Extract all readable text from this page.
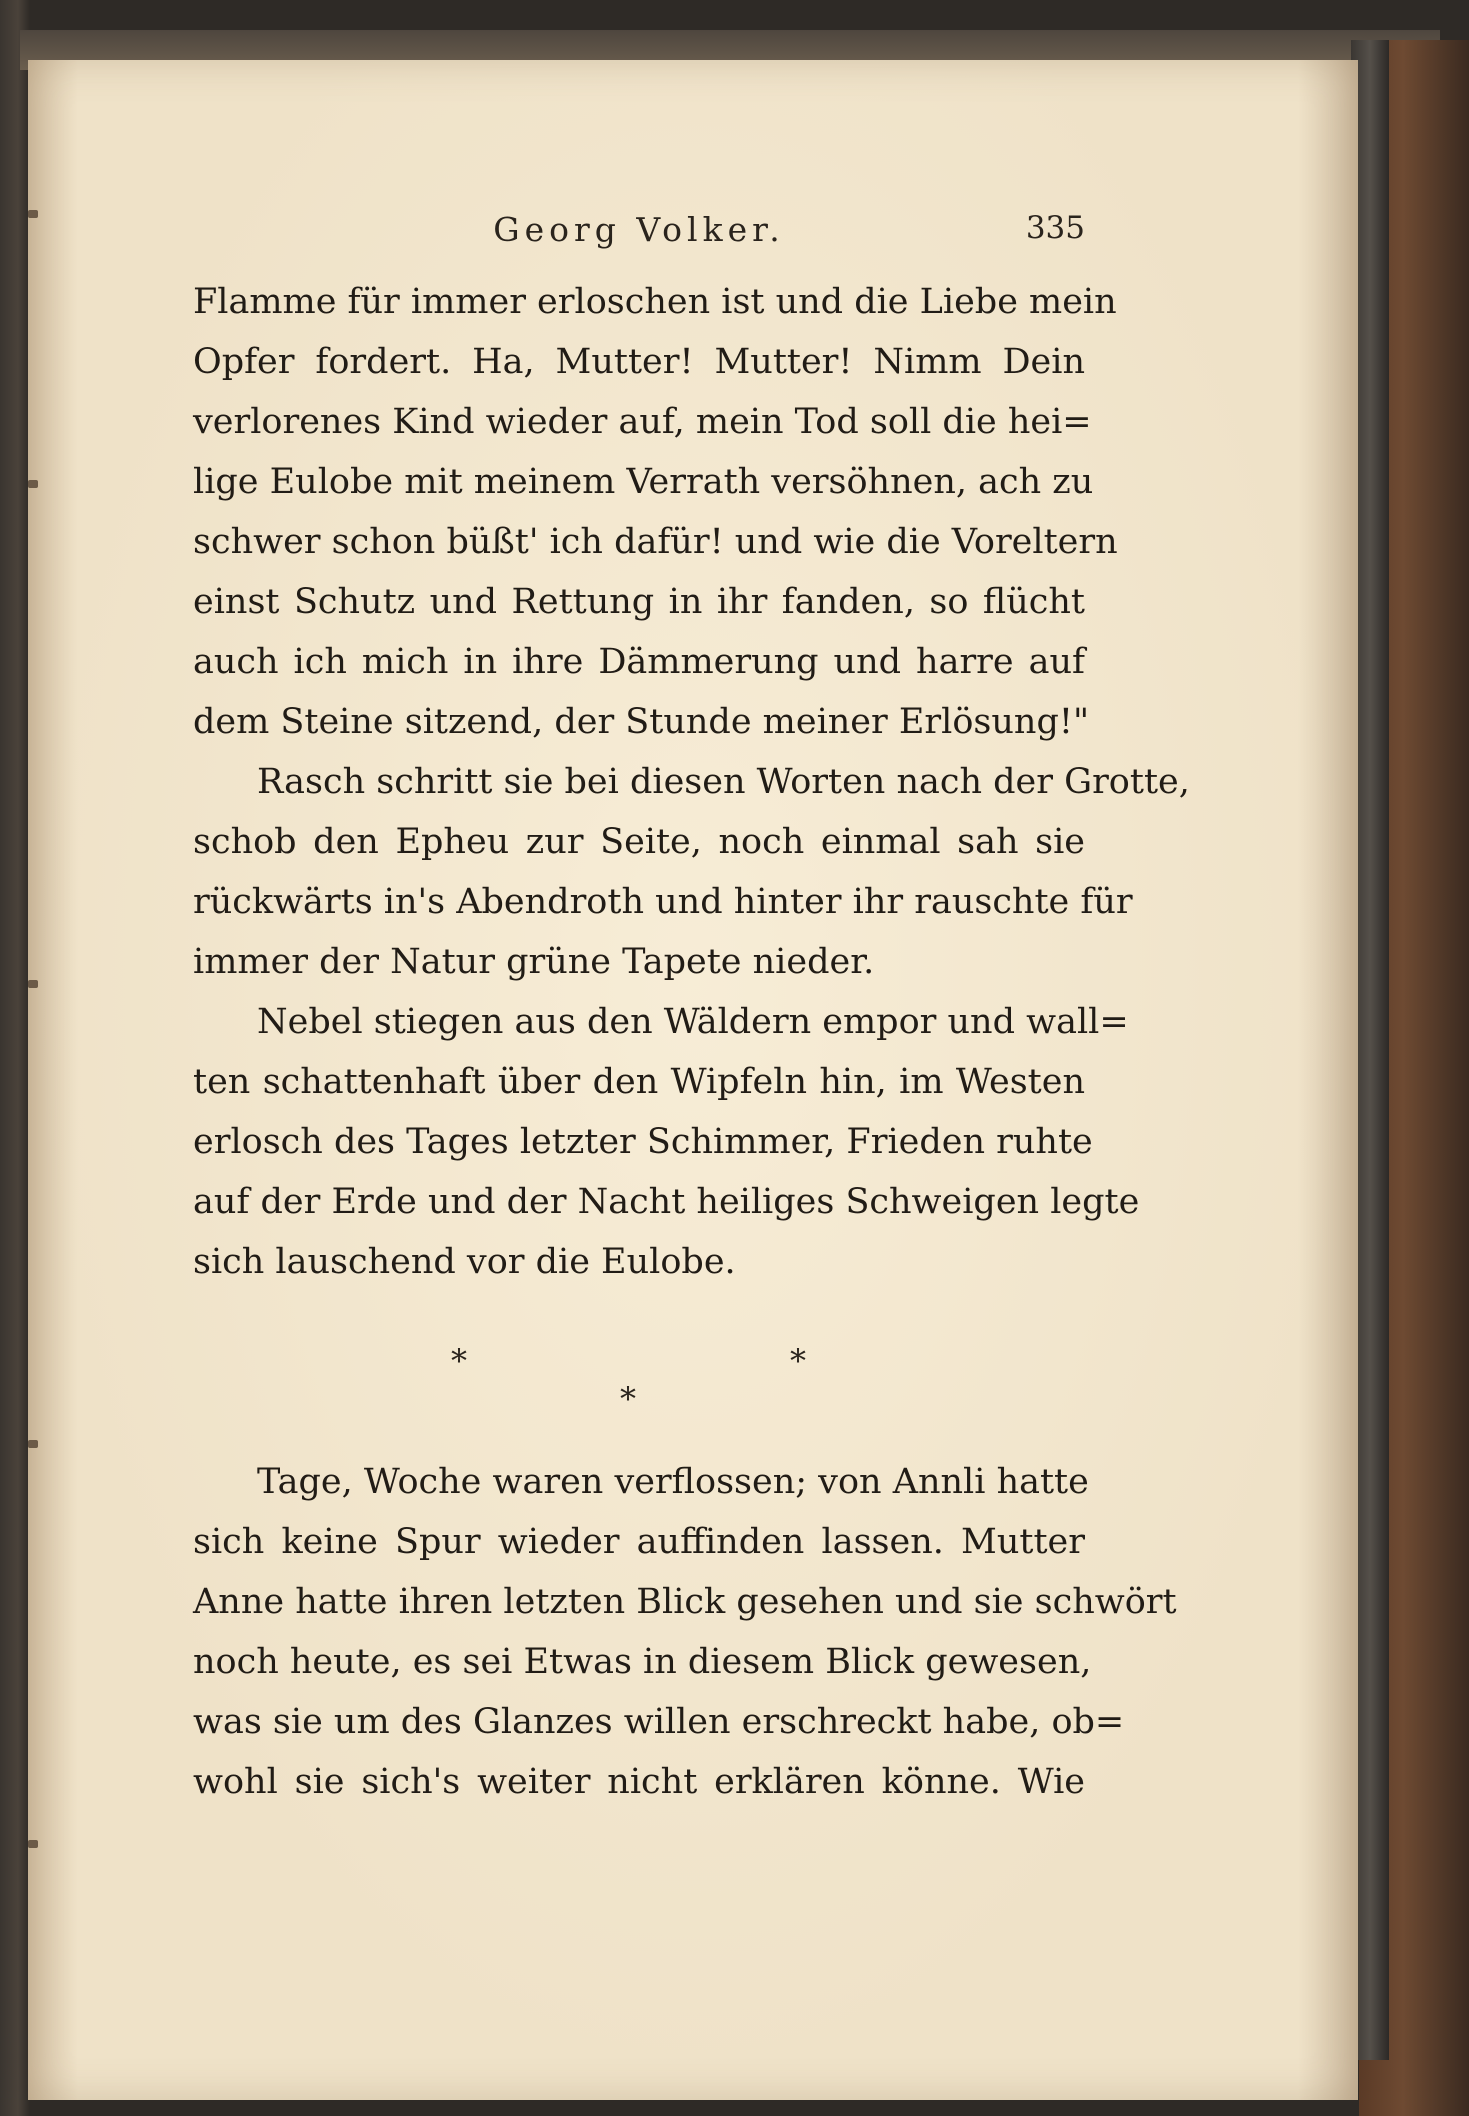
Georg Volker.	335
Flamme für immer erloschen ist und die Liebe mein
Opfer fordert. Ha, Mutter! Mutter! Nimm Dein
verlorenes Kind wieder auf, mein Tod soll die hei=
lige Eulobe mit meinem Verrath versöhnen, ach zu
schwer schon büßt' ich dafür! und wie die Voreltern
einst Schutz und Rettung in ihr fanden, so flücht
auch ich mich in ihre Dämmerung und harre auf
dem Steine sitzend, der Stunde meiner Erlösung!"
Rasch schritt sie bei diesen Worten nach der Grotte,
schob den Epheu zur Seite, noch einmal sah sie
rückwärts in's Abendroth und hinter ihr rauschte für
immer der Natur grüne Tapete nieder.
Nebel stiegen aus den Wäldern empor und wall=
ten schattenhaft über den Wipfeln hin, im Westen
erlosch des Tages letzter Schimmer, Frieden ruhte
auf der Erde und der Nacht heiliges Schweigen legte
sich lauschend vor die Eulobe.
*
*
*
Tage, Woche waren verflossen; von Annli hatte
sich keine Spur wieder auffinden lassen. Mutter
Anne hatte ihren letzten Blick gesehen und sie schwört
noch heute, es sei Etwas in diesem Blick gewesen,
was sie um des Glanzes willen erschreckt habe, ob=
wohl sie sich's weiter nicht erklären könne. Wie
